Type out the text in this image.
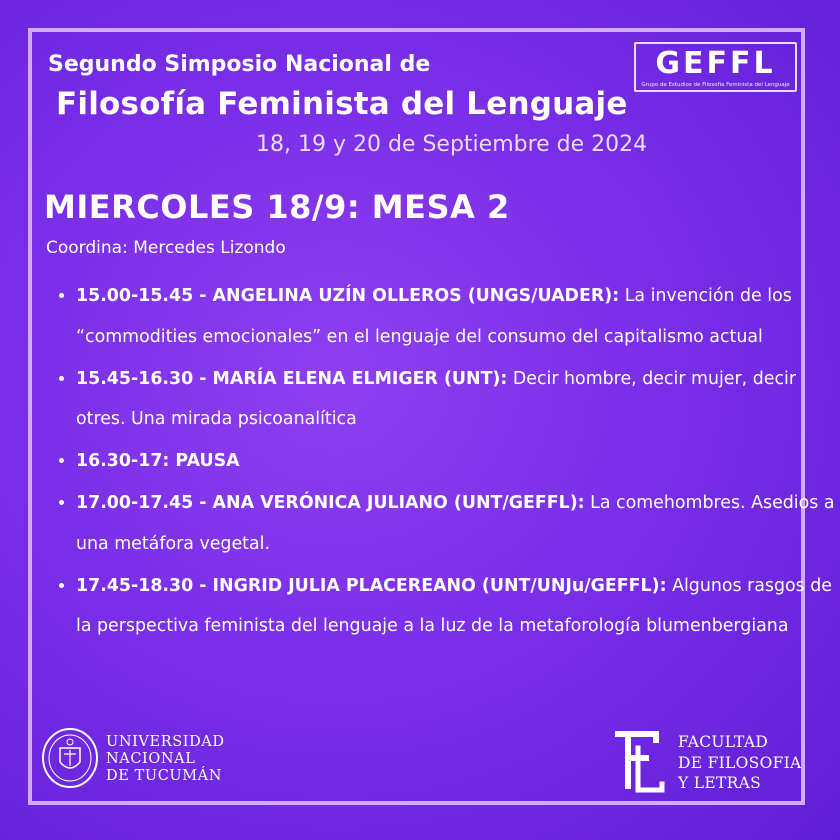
Segundo Simposio Nacional de
Filosofía Feminista del Lenguaje
18, 19 y 20 de Septiembre de 2024
GEFFL
Grupo de Estudios de Filosofía Feminista del Lenguaje
MIERCOLES 18/9: MESA 2
Coordina: Mercedes Lizondo
• 15.00-15.45 - ANGELINA UZÍN OLLEROS (UNGS/UADER): La invención de los “commodities emocionales” en el lenguaje del consumo del capitalismo actual
• 15.45-16.30 - MARÍA ELENA ELMIGER (UNT): Decir hombre, decir mujer, decir otres. Una mirada psicoanalítica
• 16.30-17: PAUSA
• 17.00-17.45 - ANA VERÓNICA JULIANO (UNT/GEFFL): La comehombres. Asedios a una metáfora vegetal.
• 17.45-18.30 - INGRID JULIA PLACEREANO (UNT/UNJu/GEFFL): Algunos rasgos de la perspectiva feminista del lenguaje a la luz de la metaforología blumenbergiana
UNIVERSIDAD
NACIONAL
DE TUCUMÁN
FACULTAD
DE FILOSOFIA
Y LETRAS
